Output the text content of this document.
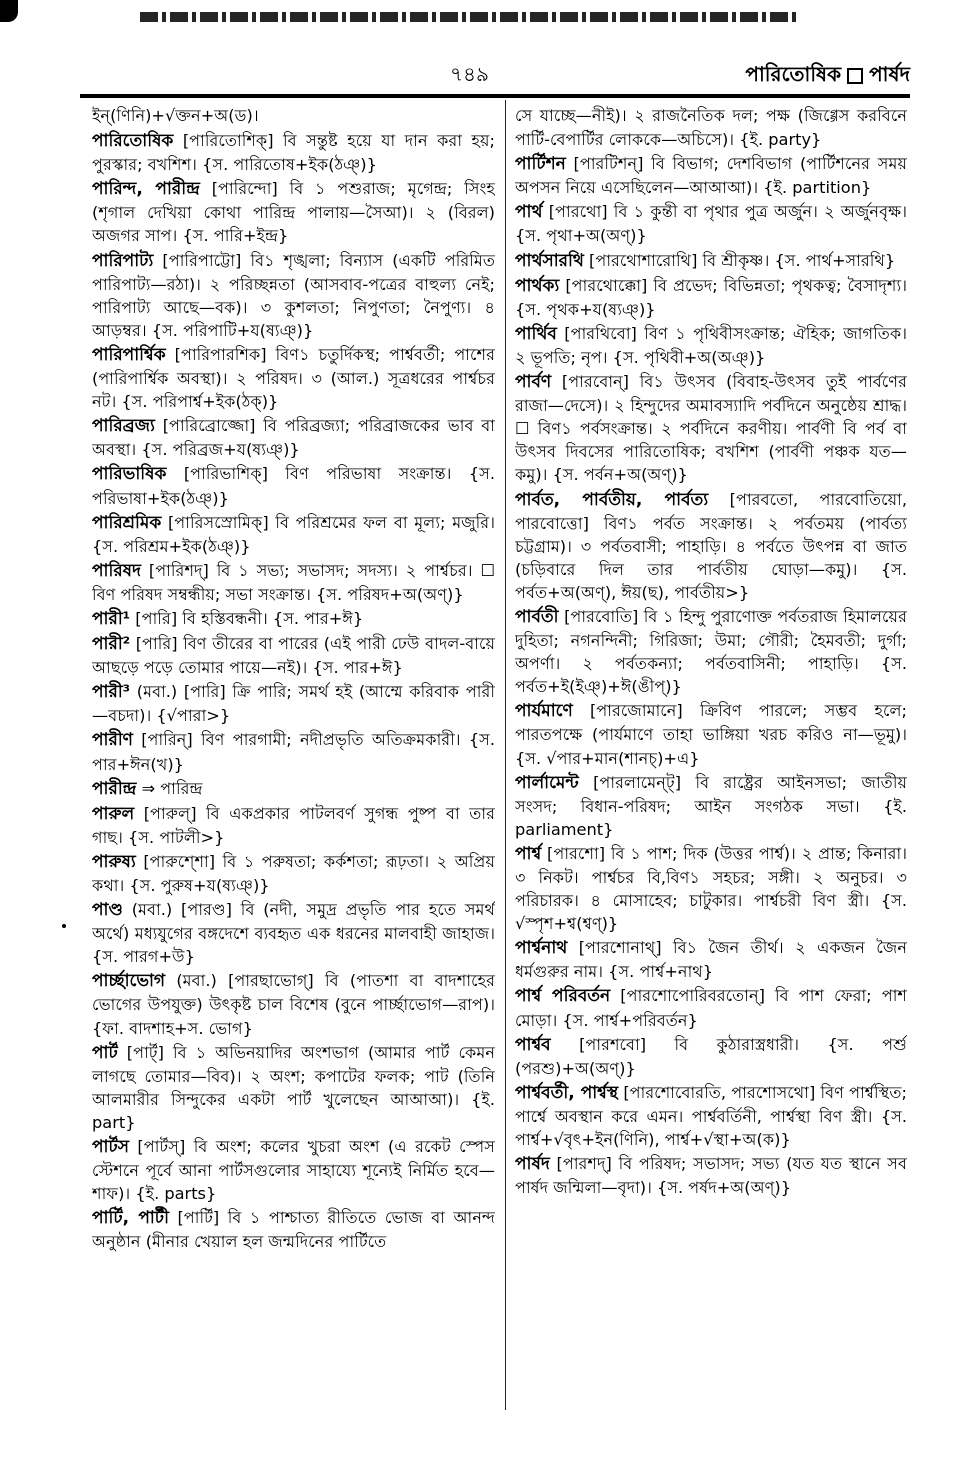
৭৪৯	পারিতোষিক পার্ষদ

ইন্(ণিনি)+√ক্তন+অ(ড)।

পারিতোষিক [পারিতোশিক্] বি সন্তুষ্ট হয়ে যা দান করা হয়; পুরস্কার; বখশিশ। {স. পারিতোষ+ইক(ঠঞ্)}

পারিন্দ, পারীন্দ্র [পারিন্দো] বি ১ পশুরাজ; মৃগেন্দ্র; সিংহ (শৃগাল দেখিয়া কোথা পারিন্দ্র পালায়—সৈআ)। ২ (বিরল) অজগর সাপ। {স. পারি+ইন্দ্র}

পারিপাট্য [পারিপাট্টো] বি১ শৃঙ্খলা; বিন্যাস (একটি পরিমিত পারিপাট্য—রঠা)। ২ পরিচ্ছন্নতা (আসবাব-পত্রের বাহুল্য নেই; পারিপাট্য আছে—বক)। ৩ কুশলতা; নিপুণতা; নৈপুণ্য। ৪ আড়ম্বর। {স. পরিপাটি+য(ষ্যঞ্)}

পারিপার্শ্বিক [পারিপারশিক] বিণ১ চতুর্দিকস্থ; পার্শ্ববর্তী; পাশের (পারিপার্শ্বিক অবস্থা)। ২ পরিষদ। ৩ (আল.) সূত্রধরের পার্শ্বচর নট। {স. পরিপার্শ্ব+ইক(ঠক্)}

পারিব্রজ্য [পারিব্রোজ্জো] বি পরিব্রজ্যা; পরিব্রাজকের ভাব বা অবস্থা। {স. পরিব্রজ+য(ষ্যঞ্)}

পারিভাষিক [পারিভাশিক্] বিণ পরিভাষা সংক্রান্ত। {স. পরিভাষা+ইক(ঠঞ্)}

পারিশ্রমিক [পারিসস্রোমিক্] বি পরিশ্রমের ফল বা মূল্য; মজুরি। {স. পরিশ্রম+ইক(ঠঞ্)}

পারিষদ [পারিশদ্] বি ১ সভ্য; সভাসদ; সদস্য। ২ পার্শ্বচর। ☐ বিণ পরিষদ সম্বন্ধীয়; সভা সংক্রান্ত। {স. পরিষদ+অ(অণ্)}

পারী¹ [পারি] বি হস্তিবন্ধনী। {স. পার+ঈ}

পারী² [পারি] বিণ তীরের বা পারের (এই পারী ঢেউ বাদল-বায়ে আছড়ে পড়ে তোমার পায়ে—নই)। {স. পার+ঈ}

পারী³ (মবা.) [পারি] ক্রি পারি; সমর্থ হই (আম্মে করিবাক পারী—বচদা)। {√পারা>}

পারীণ [পারিন্] বিণ পারগামী; নদীপ্রভৃতি অতিক্রমকারী। {স. পার+ঈন(খ)}

পারীন্দ্র ⇒ পারিন্দ্র

পারুল [পারুল্] বি একপ্রকার পাটলবর্ণ সুগন্ধ পুষ্প বা তার গাছ। {স. পাটলী>}

পারুষ্য [পারুশ্শো] বি ১ পরুষতা; কর্কশতা; রূঢ়তা। ২ অপ্রিয় কথা। {স. পুরুষ+য(ষ্যঞ্)}

পাণ্ড (মবা.) [পারণ্ড] বি (নদী, সমুদ্র প্রভৃতি পার হতে সমর্থ অর্থে) মধ্যযুগের বঙ্গদেশে ব্যবহৃত এক ধরনের মালবাহী জাহাজ। {স. পারগ+উ}

পার্চ্ছাভোগ (মবা.) [পারছাভোগ্] বি (পাতশা বা বাদশাহের ভোগের উপযুক্ত) উৎকৃষ্ট চাল বিশেষ (বুনে পার্চ্ছাভোগ—রাপ)। {ফা. বাদশাহ+স. ভোগ}

পার্ট [পার্ট্] বি ১ অভিনয়াদির অংশভাগ (আমার পার্ট কেমন লাগছে তোমার—বিব)। ২ অংশ; কপাটের ফলক; পাট (তিনি আলমারীর সিন্দুকের একটা পার্ট খুলেছেন আআআ)। {ই. part}

পার্টস [পার্টস্] বি অংশ; কলের খুচরা অংশ (এ রকেট স্পেস স্টেশনে পূর্বে আনা পার্টসগুলোর সাহায্যে শূন্যেই নির্মিত হবে—শাফ)। {ই. parts}

পার্টি, পার্টী [পার্টি] বি ১ পাশ্চাত্য রীতিতে ভোজ বা আনন্দ অনুষ্ঠান (মীনার খেয়াল হল জন্মদিনের পার্টিতে

সে যাচ্ছে—নীই)। ২ রাজনৈতিক দল; পক্ষ (জিগ্গেস করবিনে পার্টি-বেপার্টির লোককে—অচিসে)। {ই. party}

পার্টিশন [পারটিশন্] বি বিভাগ; দেশবিভাগ (পার্টিশনের সময় অপসন নিয়ে এসেছিলেন—আআআ)। {ই. partition}

পার্থ [পারথো] বি ১ কুন্তী বা পৃথার পুত্র অর্জুন। ২ অর্জুনবৃক্ষ। {স. পৃথা+অ(অণ্)}

পার্থসারথি [পারথোশারোথি] বি শ্রীকৃষ্ণ। {স. পার্থ+সারথি}

পার্থক্য [পারথোক্কো] বি প্রভেদ; বিভিন্নতা; পৃথকত্ব; বৈসাদৃশ্য। {স. পৃথক+য(ষ্যঞ্)}

পার্থিব [পারথিবো] বিণ ১ পৃথিবীসংক্রান্ত; ঐহিক; জাগতিক। ২ ভূপতি; নৃপ। {স. পৃথিবী+অ(অঞ্)}

পার্বণ [পারবোন্] বি১ উৎসব (বিবাহ-উৎসব তুই পার্বণের রাজা—দেসে)। ২ হিন্দুদের অমাবস্যাদি পর্বদিনে অনুষ্ঠেয় শ্রাদ্ধ। ☐ বিণ১ পর্বসংক্রান্ত। ২ পর্বদিনে করণীয়। পার্বণী বি পর্ব বা উৎসব দিবসের পারিতোষিক; বখশিশ (পার্বণী পঞ্চক যত—কমু)। {স. পর্বন+অ(অণ্)}

পার্বত, পার্বতীয়, পার্বত্য [পারবতো, পারবোতিয়ো, পারবোত্তো] বিণ১ পর্বত সংক্রান্ত। ২ পর্বতময় (পার্বত্য চট্টগ্রাম)। ৩ পর্বতবাসী; পাহাড়ি। ৪ পর্বতে উৎপন্ন বা জাত (চড়িবারে দিল তার পার্বতীয় ঘোড়া—কমু)। {স. পর্বত+অ(অণ্), ঈয়(ছ), পার্বতীয়>}

পার্বতী [পারবোতি] বি ১ হিন্দু পুরাণোক্ত পর্বতরাজ হিমালয়ের দুহিতা; নগনন্দিনী; গিরিজা; উমা; গৌরী; হৈমবতী; দুর্গা; অপর্ণা। ২ পর্বতকন্যা; পর্বতবাসিনী; পাহাড়ি। {স. পর্বত+ই(ইঞ্)+ঈ(ঙীপ্)}

পার্যমাণে [পারজোমানে] ক্রিবিণ পারলে; সম্ভব হলে; পারতপক্ষে (পার্যমাণে তাহা ভাঙ্গিয়া খরচ করিও না—ভূমু)। {স. √পার+মান(শানচ্)+এ}

পার্লামেন্ট [পারলামেন্ট্] বি রাষ্ট্রের আইনসভা; জাতীয় সংসদ; বিধান-পরিষদ; আইন সংগঠক সভা। {ই. parliament}

পার্শ্ব [পারশো] বি ১ পাশ; দিক (উত্তর পার্শ্ব)। ২ প্রান্ত; কিনারা। ৩ নিকট। পার্শ্বচর বি,বিণ১ সহচর; সঙ্গী। ২ অনুচর। ৩ পরিচারক। ৪ মোসাহেব; চাটুকার। পার্শ্বচরী বিণ স্ত্রী। {স. √স্পৃশ+শ্ব(শ্বণ্)}

পার্শ্বনাথ [পারশোনাথ্] বি১ জৈন তীর্থ। ২ একজন জৈন ধর্মগুরুর নাম। {স. পার্শ্ব+নাথ}

পার্শ্ব পরিবর্তন [পারশোপোরিবরতোন্] বি পাশ ফেরা; পাশ মোড়া। {স. পার্শ্ব+পরিবর্তন}

পার্শ্বব [পারশবো] বি কুঠারাস্ত্রধারী। {স. পর্শু (পরশু)+অ(অণ্)}

পার্শ্ববর্তী, পার্শ্বস্থ [পারশোবোরতি, পারশোসথো] বিণ পার্শ্বস্থিত; পার্শ্বে অবস্থান করে এমন। পার্শ্ববর্তিনী, পার্শ্বস্থা বিণ স্ত্রী। {স. পার্শ্ব+√বৃৎ+ইন(ণিনি), পার্শ্ব+√স্থা+অ(ক)}

পার্ষদ [পারশদ্] বি পরিষদ; সভাসদ; সভ্য (যত যত স্থানে সব পার্ষদ জন্মিলা—বৃদা)। {স. পর্ষদ+অ(অণ্)}
